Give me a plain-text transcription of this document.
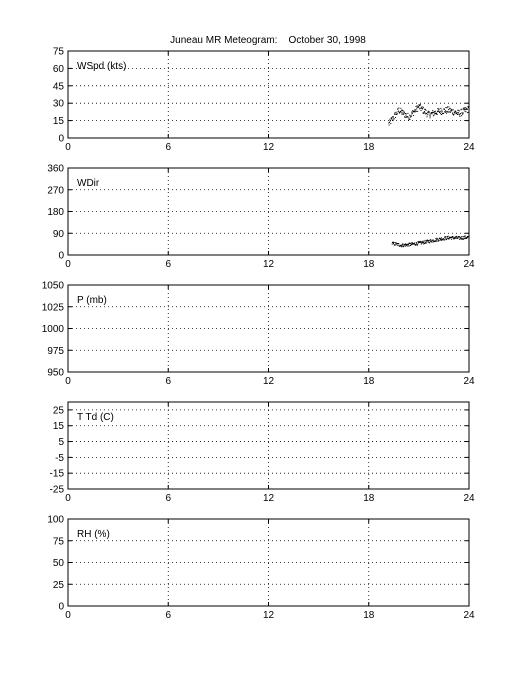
Juneau MR Meteogram:    October 30, 1998
0	6	12	18	24
0
15
30
45
60
75
WSpd (kts)
0	6	12	18	24
0
90
180
270
360
WDir
0	6	12	18	24
950
975
1000
1025
1050
P (mb)
0	6	12	18	24
-25
-15
-5
5
15
25
T Td (C)
0	6	12	18	24
0
25
50
75
100
RH (%)
